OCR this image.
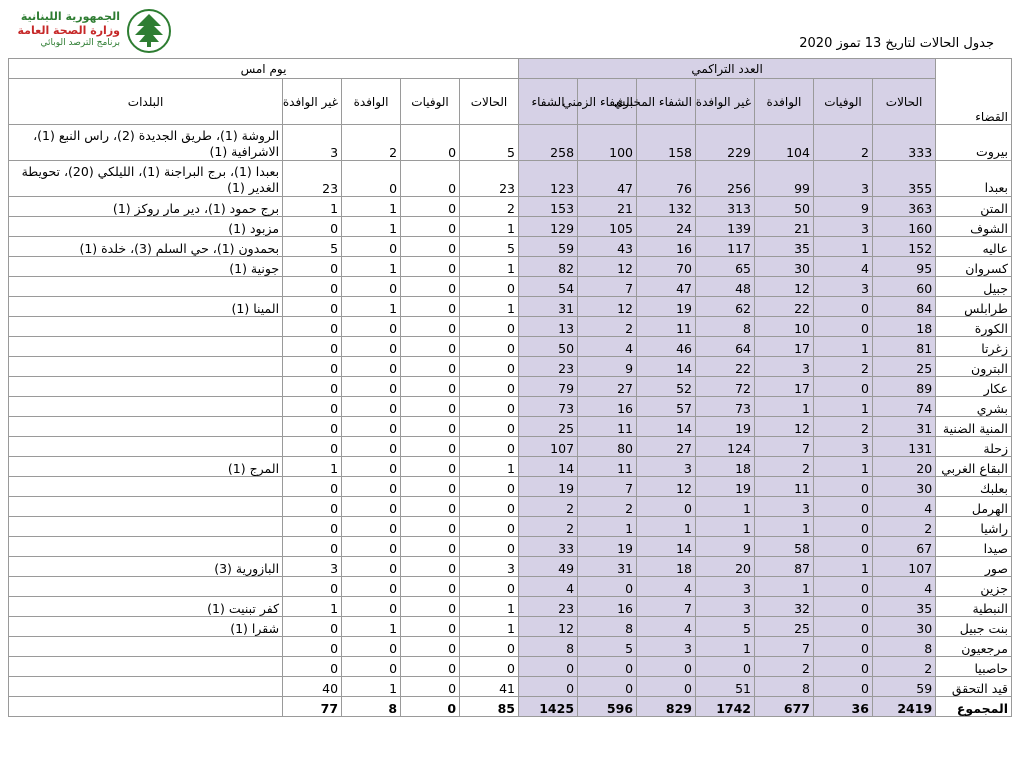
الجمهورية اللبنانية
وزارة الصحة العامة
برنامج الترصد الوبائي	جدول الحالات لتاريخ 13 تموز 2020
القضاء	العدد التراكمي							يوم امس				
	الحالات	الوفيات	الوافدة	غير الوافدة	الشفاء المخبري	الشفاء الزمني	الشفاء	الحالات	الوفيات	الوافدة	غير الوافدة	البلدات
بيروت	333	2	104	229	158	100	258	5	0	2	3	الروشة (1)، طريق الجديدة (2)، راس النبع (1)، الاشرافية (1)
بعبدا	355	3	99	256	76	47	123	23	0	0	23	بعبدا (1)، برج البراجنة (1)، الليلكي (20)، تحويطة الغدير (1)
المتن	363	9	50	313	132	21	153	2	0	1	1	برج حمود (1)، دير مار روكز (1)
الشوف	160	3	21	139	24	105	129	1	0	1	0	مزبود (1)
عاليه	152	1	35	117	16	43	59	5	0	0	5	بحمدون (1)، حي السلم (3)، خلدة (1)
كسروان	95	4	30	65	70	12	82	1	0	1	0	جونية (1)
جبيل	60	3	12	48	47	7	54	0	0	0	0	
طرابلس	84	0	22	62	19	12	31	1	0	1	0	المينا (1)
الكورة	18	0	10	8	11	2	13	0	0	0	0	
زغرتا	81	1	17	64	46	4	50	0	0	0	0	
البترون	25	2	3	22	14	9	23	0	0	0	0	
عكار	89	0	17	72	52	27	79	0	0	0	0	
بشري	74	1	1	73	57	16	73	0	0	0	0	
المنية الضنية	31	2	12	19	14	11	25	0	0	0	0	
زحلة	131	3	7	124	27	80	107	0	0	0	0	
البقاع الغربي	20	1	2	18	3	11	14	1	0	0	1	المرج (1)
بعلبك	30	0	11	19	12	7	19	0	0	0	0	
الهرمل	4	0	3	1	0	2	2	0	0	0	0	
راشيا	2	0	1	1	1	1	2	0	0	0	0	
صيدا	67	0	58	9	14	19	33	0	0	0	0	
صور	107	1	87	20	18	31	49	3	0	0	3	البازورية (3)
جزين	4	0	1	3	4	0	4	0	0	0	0	
النبطية	35	0	32	3	7	16	23	1	0	0	1	كفر تبنيت (1)
بنت جبيل	30	0	25	5	4	8	12	1	0	1	0	شقرا (1)
مرجعيون	8	0	7	1	3	5	8	0	0	0	0	
حاصبيا	2	0	2	0	0	0	0	0	0	0	0	
قيد التحقق	59	0	8	51	0	0	0	41	0	1	40	
المجموع	2419	36	677	1742	829	596	1425	85	0	8	77	
